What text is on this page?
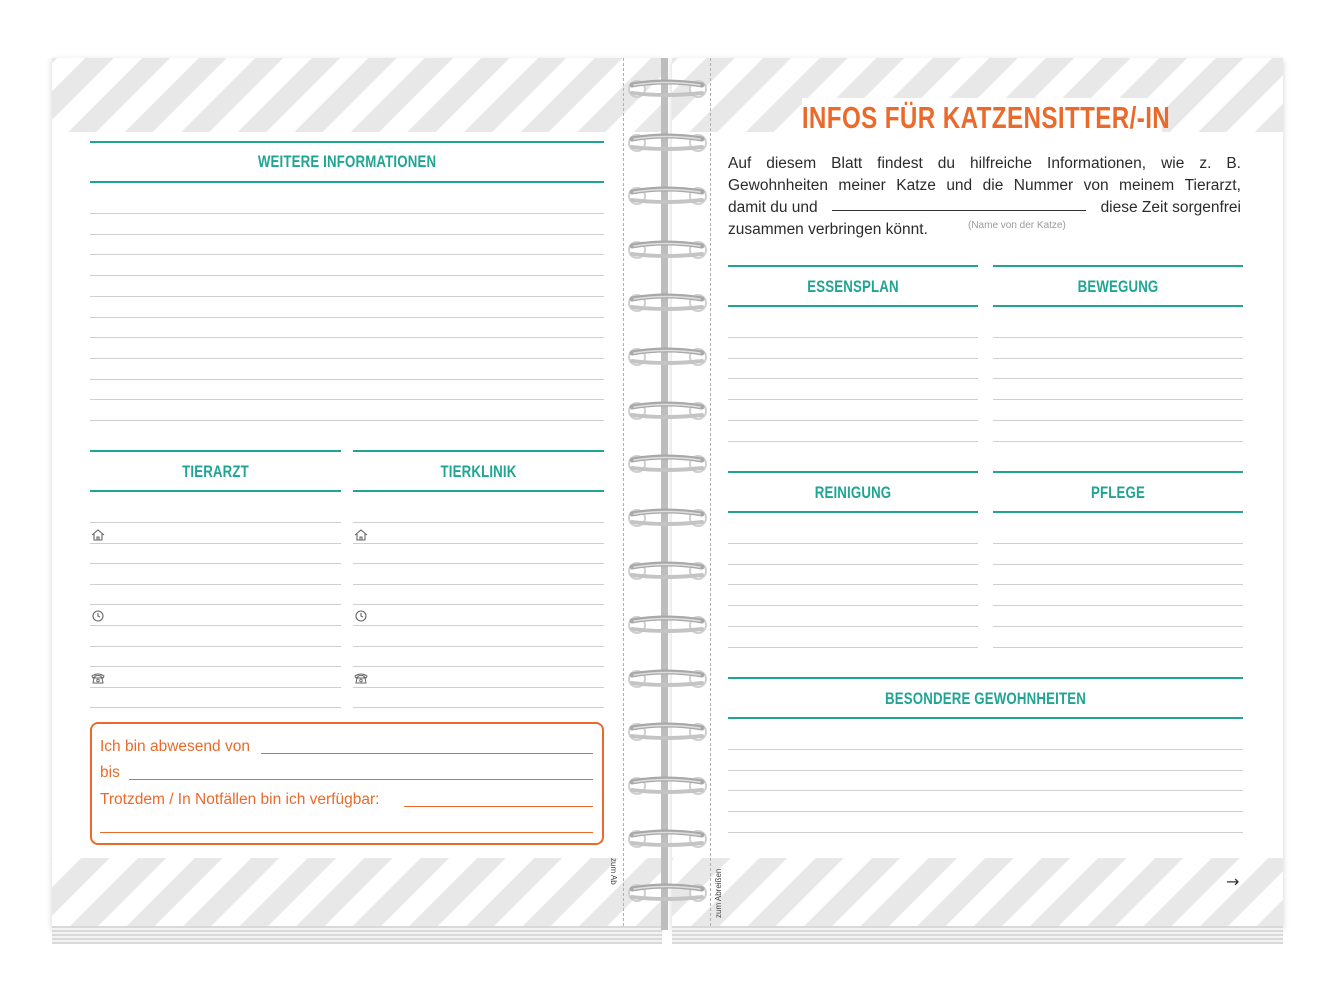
WEITERE INFORMATIONEN
TIERARZT	TIERKLINIK
Ich bin abwesend von
bis
Trotzdem / In Notfällen bin ich verfügbar:
zum Ab
INFOS FÜR KATZENSITTER/-IN
Auf diesem Blatt findest du hilfreiche Informationen, wie z. B.
Gewohnheiten meiner Katze und die Nummer von meinem Tierarzt,
damit du und	diese Zeit sorgenfrei
zusammen verbringen könnt.	(Name von der Katze)
ESSENSPLAN	BEWEGUNG
REINIGUNG	PFLEGE
BESONDERE GEWOHNHEITEN
zum Abreißen	→
